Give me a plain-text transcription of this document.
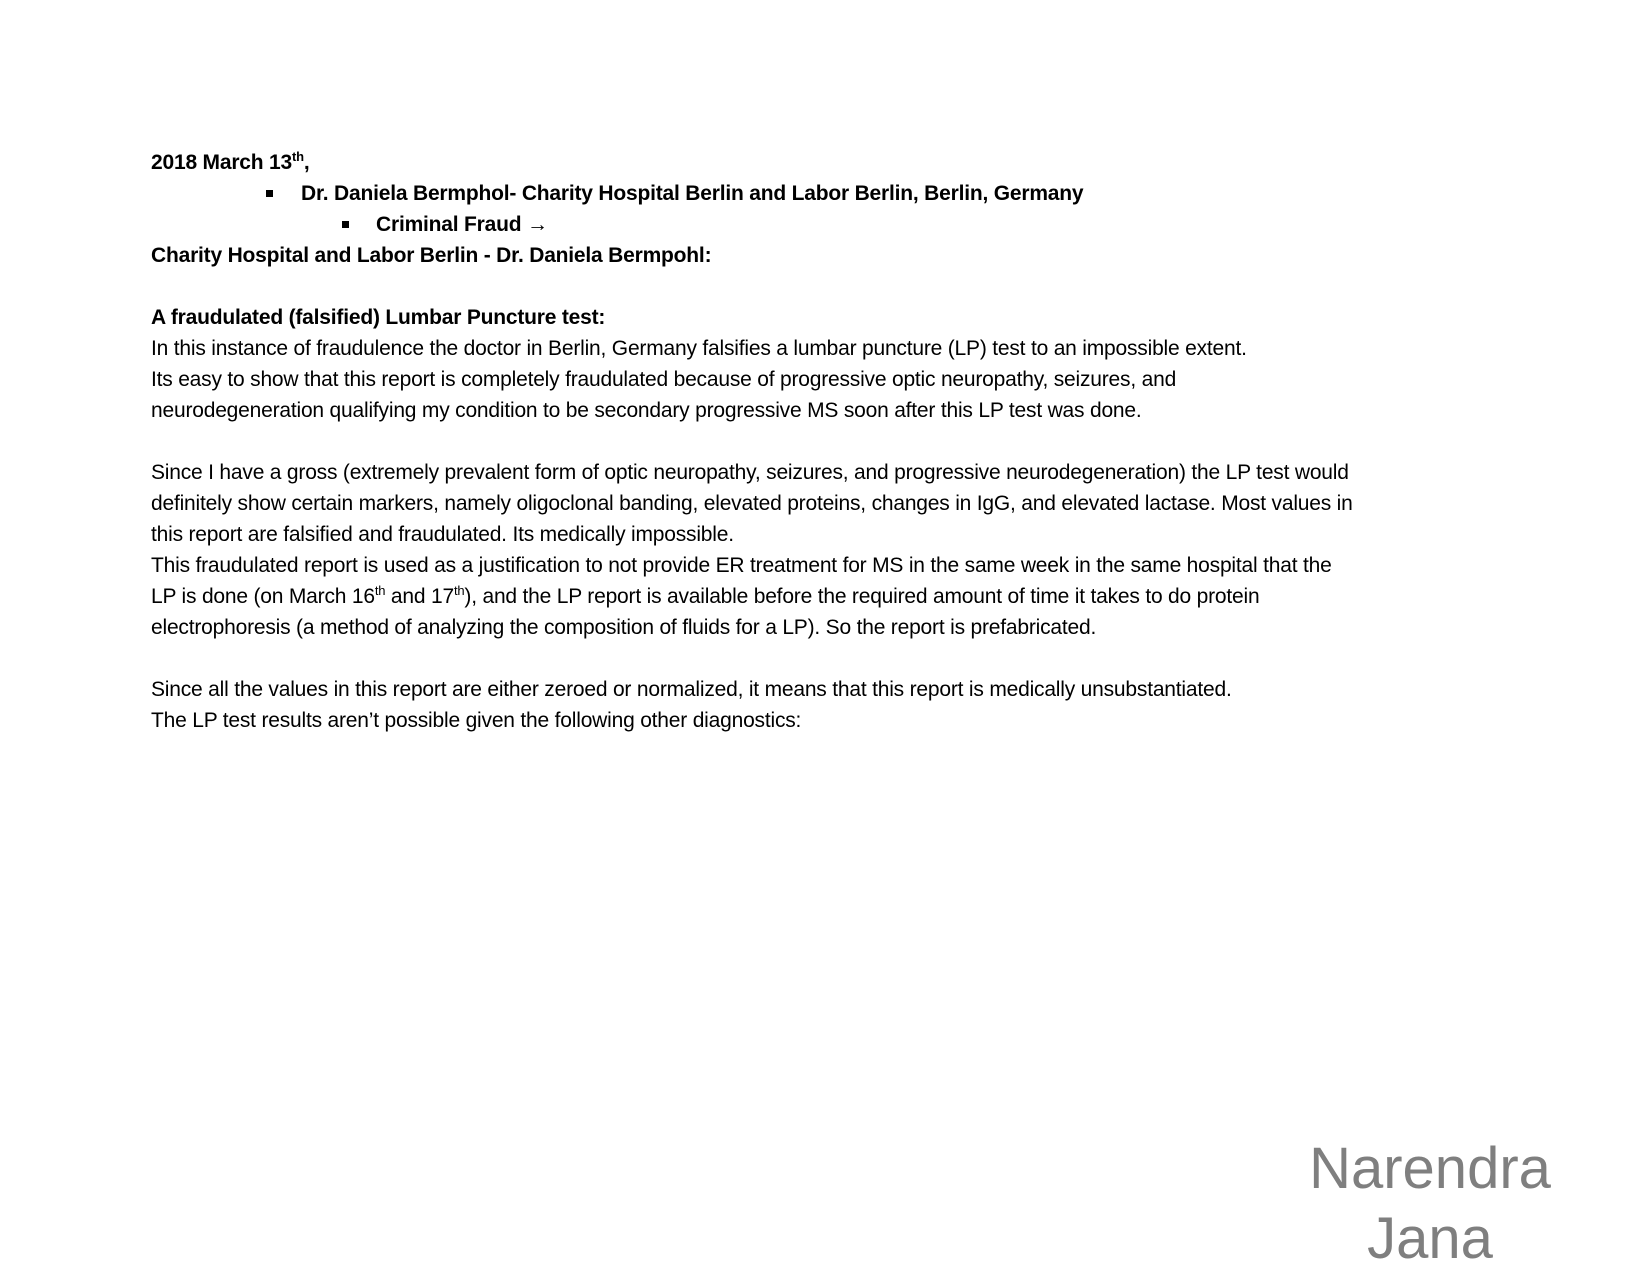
2018 March 13th,
Dr. Daniela Bermphol- Charity Hospital Berlin and Labor Berlin, Berlin, Germany
Criminal Fraud →
Charity Hospital and Labor Berlin - Dr. Daniela Bermpohl:
A fraudulated (falsified) Lumbar Puncture test:
In this instance of fraudulence the doctor in Berlin, Germany falsifies a lumbar puncture (LP) test to an impossible extent.
Its easy to show that this report is completely fraudulated because of progressive optic neuropathy, seizures, and
neurodegeneration qualifying my condition to be secondary progressive MS soon after this LP test was done.
Since I have a gross (extremely prevalent form of optic neuropathy, seizures, and progressive neurodegeneration) the LP test would
definitely show certain markers, namely oligoclonal banding, elevated proteins, changes in IgG, and elevated lactase. Most values in
this report are falsified and fraudulated. Its medically impossible.
This fraudulated report is used as a justification to not provide ER treatment for MS in the same week in the same hospital that the
LP is done (on March 16th and 17th), and the LP report is available before the required amount of time it takes to do protein
electrophoresis (a method of analyzing the composition of fluids for a LP). So the report is prefabricated.
Since all the values in this report are either zeroed or normalized, it means that this report is medically unsubstantiated.
The LP test results aren’t possible given the following other diagnostics:
Narendra
Jana
